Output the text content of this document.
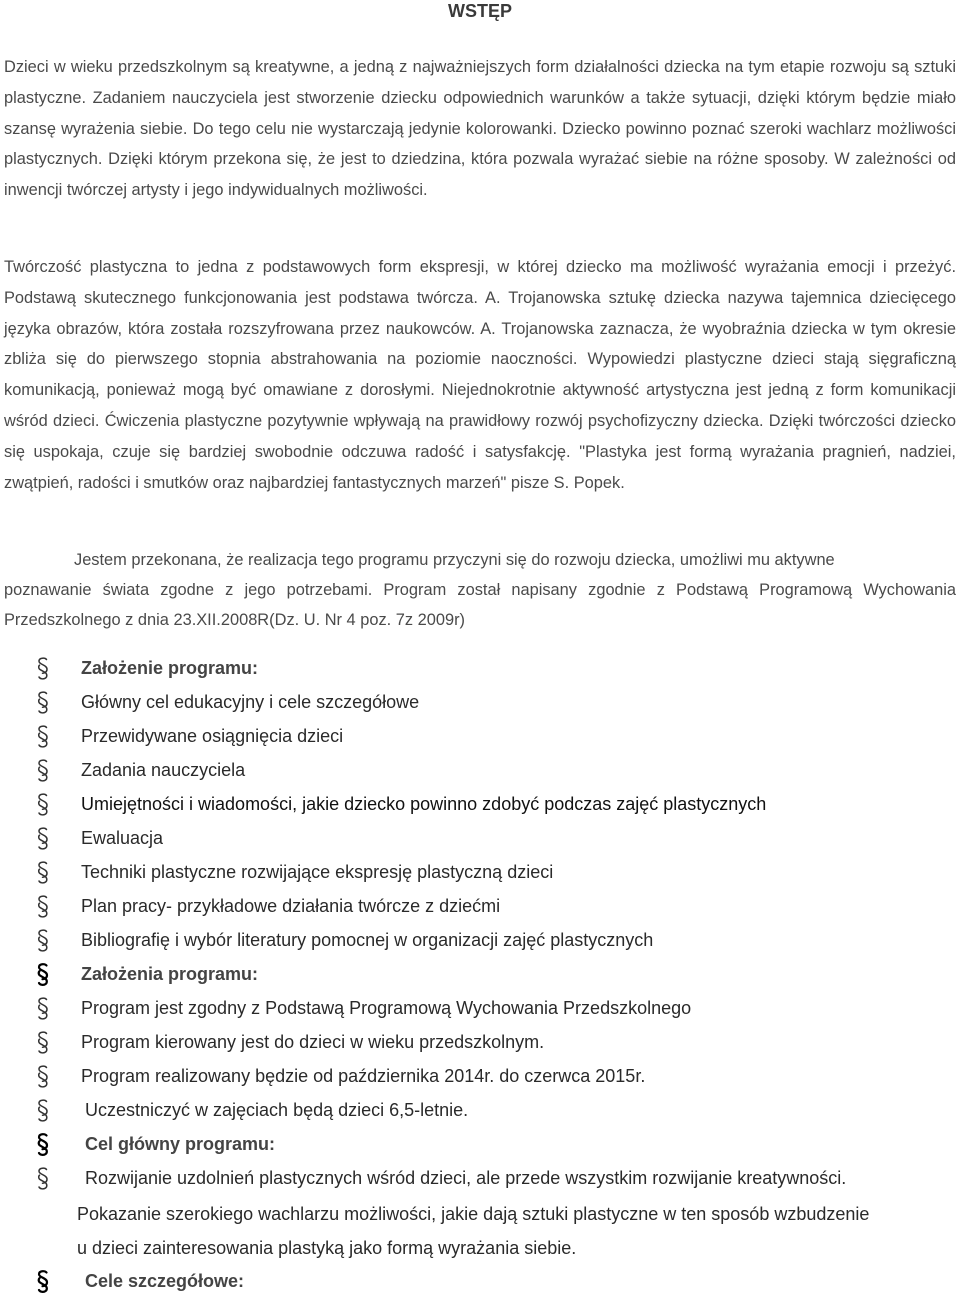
WSTĘP

Dzieci w wieku przedszkolnym są kreatywne, a jedną z najważniejszych form działalności dziecka na tym etapie rozwoju są sztuki plastyczne. Zadaniem nauczyciela jest stworzenie dziecku odpowiednich warunków a także sytuacji, dzięki którym będzie miało szansę wyrażenia siebie. Do tego celu nie wystarczają jedynie kolorowanki. Dziecko powinno poznać szeroki wachlarz możliwości plastycznych. Dzięki którym przekona się, że jest to dziedzina, która pozwala wyrażać siebie na różne sposoby. W zależności od inwencji twórczej artysty i jego indywidualnych możliwości.

Twórczość plastyczna to jedna z podstawowych form ekspresji, w której dziecko ma możliwość wyrażania emocji i przeżyć. Podstawą skutecznego funkcjonowania jest podstawa twórcza. A. Trojanowska sztukę dziecka nazywa tajemnica dziecięcego języka obrazów, która została rozszyfrowana przez naukowców. A. Trojanowska zaznacza, że wyobraźnia dziecka w tym okresie zbliża się do pierwszego stopnia abstrahowania na poziomie naoczności. Wypowiedzi plastyczne dzieci stają sięgraficzną komunikacją, ponieważ mogą być omawiane z dorosłymi. Niejednokrotnie aktywność artystyczna jest jedną z form komunikacji wśród dzieci. Ćwiczenia plastyczne pozytywnie wpływają na prawidłowy rozwój psychofizyczny dziecka. Dzięki twórczości dziecko się uspokaja, czuje się bardziej swobodnie odczuwa radość i satysfakcję. "Plastyka jest formą wyrażania pragnień, nadziei, zwątpień, radości i smutków oraz najbardziej fantastycznych marzeń" pisze S. Popek.

Jestem przekonana, że realizacja tego programu przyczyni się do rozwoju dziecka, umożliwi mu aktywne
poznawanie świata zgodne z jego potrzebami. Program został napisany zgodnie z Podstawą Programową Wychowania Przedszkolnego z dnia 23.XII.2008R(Dz. U. Nr 4 poz. 7z 2009r)

Założenie programu:
Główny cel edukacyjny i cele szczegółowe
Przewidywane osiągnięcia dzieci
Zadania nauczyciela
Umiejętności i wiadomości, jakie dziecko powinno zdobyć podczas zajęć plastycznych
Ewaluacja
Techniki plastyczne rozwijające ekspresję plastyczną dzieci
Plan pracy- przykładowe działania twórcze z dziećmi
Bibliografię i wybór literatury pomocnej w organizacji zajęć plastycznych
Założenia programu:
Program jest zgodny z Podstawą Programową Wychowania Przedszkolnego
Program kierowany jest do dzieci w wieku przedszkolnym.
Program realizowany będzie od października 2014r. do czerwca 2015r.
Uczestniczyć w zajęciach będą dzieci 6,5-letnie.
Cel główny programu:
Rozwijanie uzdolnień plastycznych wśród dzieci, ale przede wszystkim rozwijanie kreatywności.
Cele szczegółowe:
Pokazanie szerokiego wachlarzu możliwości, jakie dają sztuki plastyczne w ten sposób wzbudzenie
u dzieci zainteresowania plastyką jako formą wyrażania siebie.
